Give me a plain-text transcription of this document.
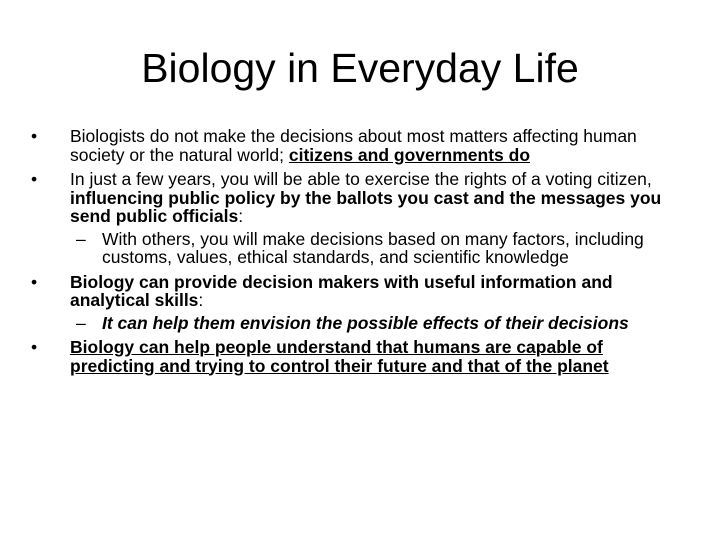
Biology in Everyday Life
• Biologists do not make the decisions about most matters affecting human society or the natural world; citizens and governments do
• In just a few years, you will be able to exercise the rights of a voting citizen, influencing public policy by the ballots you cast and the messages you send public officials:
– With others, you will make decisions based on many factors, including customs, values, ethical standards, and scientific knowledge
• Biology can provide decision makers with useful information and analytical skills:
– It can help them envision the possible effects of their decisions
• Biology can help people understand that humans are capable of predicting and trying to control their future and that of the planet
